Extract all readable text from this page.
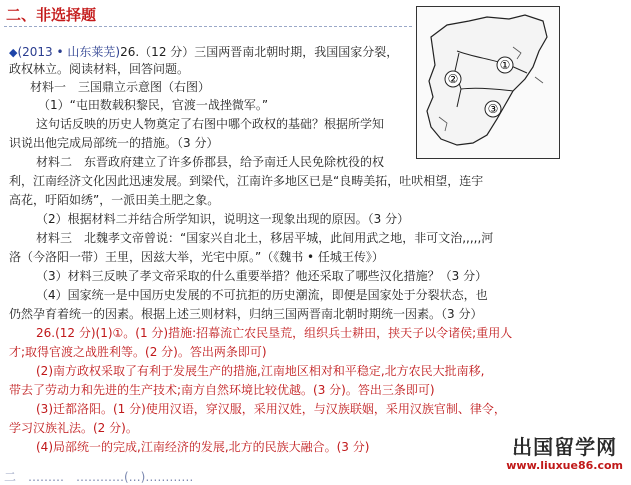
二、非选择题
◆(2013 • 山东莱芜)26.（12 分）三国两晋南北朝时期，我国国家分裂，
政权林立。阅读材料，回答问题。
材料一　三国鼎立示意图（右图）
（1）“屯田数载积黎民，官渡一战挫微军。”
这句话反映的历史人物奠定了右图中哪个政权的基础？根据所学知
识说出他完成局部统一的措施。（3 分）
材料二　东晋政府建立了许多侨郡县，给予南迁人民免除枕役的权
利，江南经济文化因此迅速发展。到梁代，江南许多地区已是“良畴美拓，吐吠相望，连宇
高花，吁陌如绣”，一派田美土肥之象。
（2）根据材料二并结合所学知识，说明这一现象出现的原因。（3 分）
材料三　北魏孝文帝曾说：“国家兴自北土，移居平城，此间用武之地，非可文治,,,,,河
洛（今洛阳一带）王里，因兹大举，光宅中原。”（《魏书 • 任城王传》）
（3）材料三反映了孝文帝采取的什么重要举措？他还采取了哪些汉化措施？（3 分）
（4）国家统一是中国历史发展的不可抗拒的历史潮流，即便是国家处于分裂状态，也
仍然孕育着统一的因素。根据上述三则材料，归纳三国两晋南北朝时期统一因素。（3 分）
26.(12 分)(1)①。(1 分)措施:招幕流亡农民垦荒，组织兵士耕田，挟天子以令诸侯;重用人
才;取得官渡之战胜利等。(2 分)。答出两条即可)
(2)南方政权采取了有利于发展生产的措施,江南地区相对和平稳定,北方农民大批南移,
带去了劳动力和先进的生产技术;南方自然环境比较优越。(3 分)。答出三条即可)
(3)迁都洛阳。(1 分)使用汉语，穿汉服，采用汉姓，与汉族联姻，采用汉族官制、律令，
学习汉族礼法。(2 分)。
(4)局部统一的完成,江南经济的发展,北方的民族大融合。(3 分)
①
②
③
出国留学网
www.liuxue86.com
二　………　…………(…)…………
